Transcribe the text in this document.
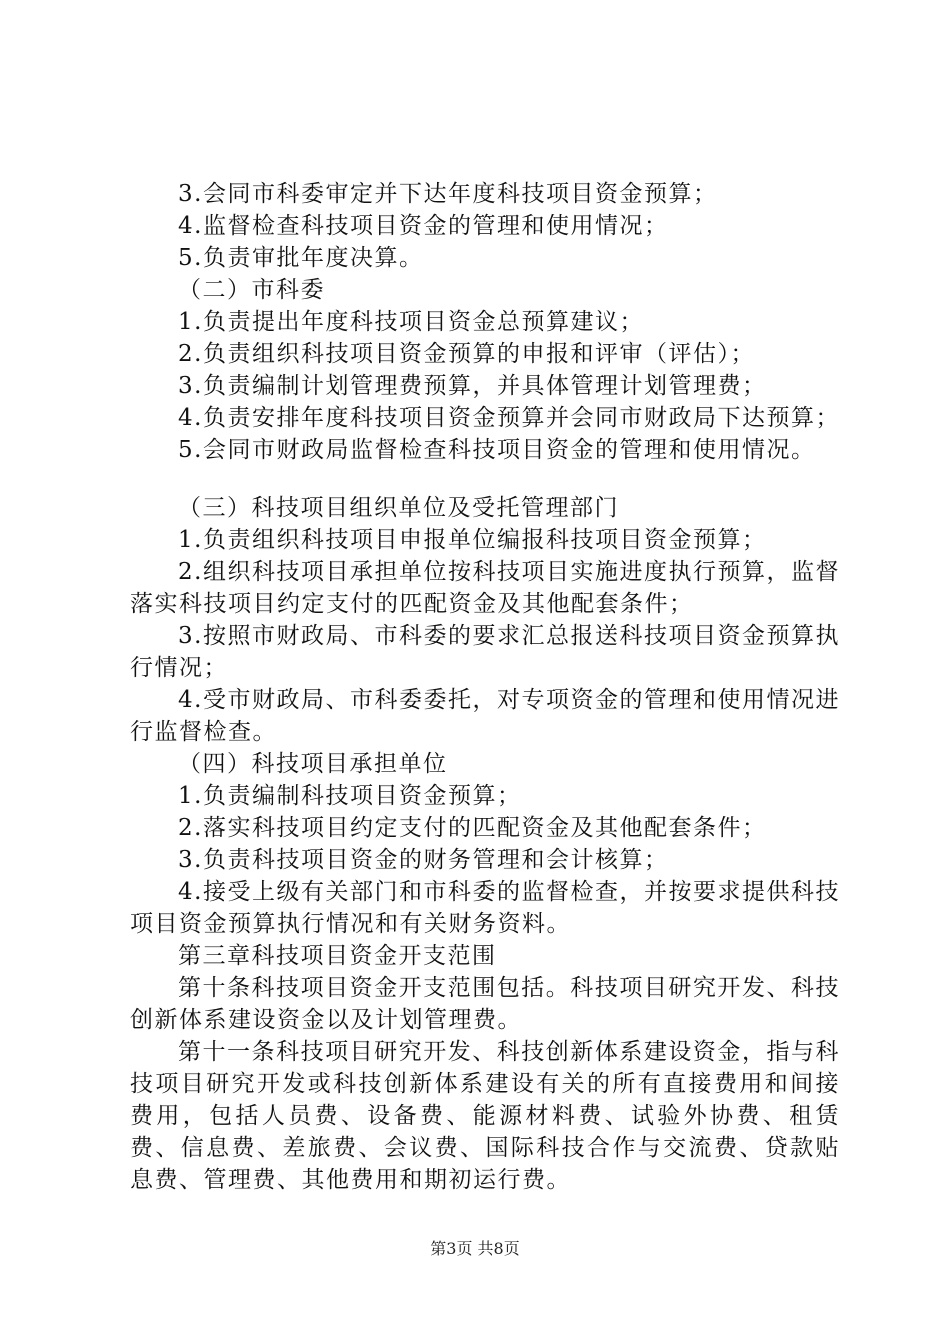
3.会同市科委审定并下达年度科技项目资金预算；

4.监督检查科技项目资金的管理和使用情况；

5.负责审批年度决算。

（二）市科委

1.负责提出年度科技项目资金总预算建议；

2.负责组织科技项目资金预算的申报和评审（评估）；

3.负责编制计划管理费预算，并具体管理计划管理费；

4.负责安排年度科技项目资金预算并会同市财政局下达预算；

5.会同市财政局监督检查科技项目资金的管理和使用情况。

（三）科技项目组织单位及受托管理部门

1.负责组织科技项目申报单位编报科技项目资金预算；

2.组织科技项目承担单位按科技项目实施进度执行预算，监督落实科技项目约定支付的匹配资金及其他配套条件；

3.按照市财政局、市科委的要求汇总报送科技项目资金预算执行情况；

4.受市财政局、市科委委托，对专项资金的管理和使用情况进行监督检查。

（四）科技项目承担单位

1.负责编制科技项目资金预算；

2.落实科技项目约定支付的匹配资金及其他配套条件；

3.负责科技项目资金的财务管理和会计核算；

4.接受上级有关部门和市科委的监督检查，并按要求提供科技项目资金预算执行情况和有关财务资料。

第三章科技项目资金开支范围

第十条科技项目资金开支范围包括。科技项目研究开发、科技创新体系建设资金以及计划管理费。

第十一条科技项目研究开发、科技创新体系建设资金，指与科技项目研究开发或科技创新体系建设有关的所有直接费用和间接费用，包括人员费、设备费、能源材料费、试验外协费、租赁费、信息费、差旅费、会议费、国际科技合作与交流费、贷款贴息费、管理费、其他费用和期初运行费。

第3页 共8页
